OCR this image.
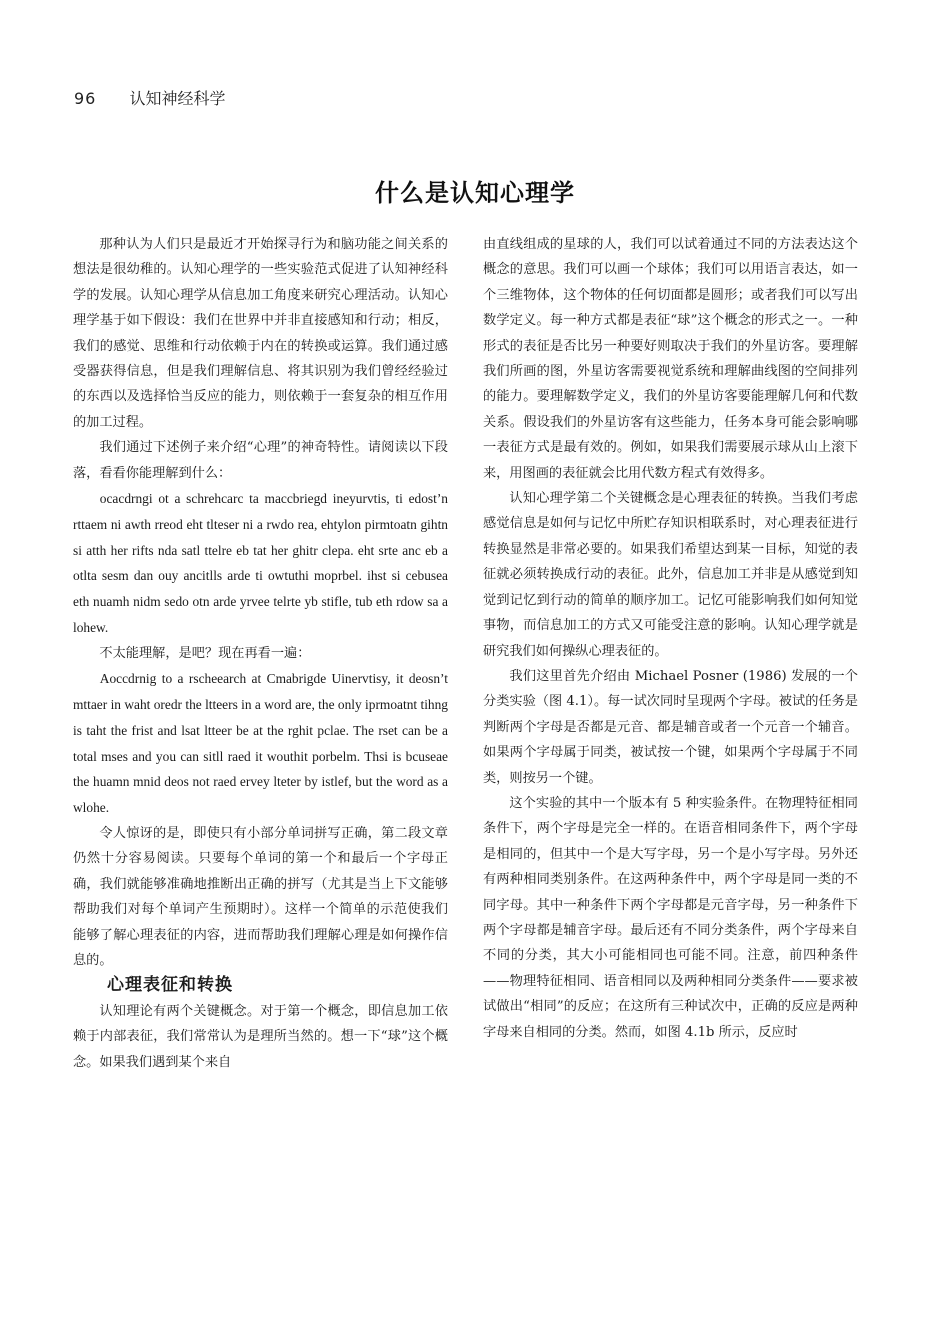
96 认知神经科学
什么是认知心理学

那种认为人们只是最近才开始探寻行为和脑功能之间关系的想法是很幼稚的。认知心理学的一些实验范式促进了认知神经科学的发展。认知心理学从信息加工角度来研究心理活动。认知心理学基于如下假设：我们在世界中并非直接感知和行动；相反，我们的感觉、思维和行动依赖于内在的转换或运算。我们通过感受器获得信息，但是我们理解信息、将其识别为我们曾经经验过的东西以及选择恰当反应的能力，则依赖于一套复杂的相互作用的加工过程。

我们通过下述例子来介绍“心理”的神奇特性。请阅读以下段落，看看你能理解到什么：

ocacdrngi ot a schrehcarc ta maccbriegd ineyurvtis, ti edost’n rttaem ni awth rreod eht tlteser ni a rwdo rea, ehtylon pirmtoatn gihtn si atth her rifts nda satl ttelre eb tat her ghitr clepa. eht srte anc eb a otlta sesm dan ouy ancitlls arde ti owtuthi moprbel. ihst si cebusea eth nuamh nidm sedo otn arde yrvee telrte yb stifle, tub eth rdow sa a lohew.

不太能理解，是吧？现在再看一遍：

Aoccdrnig to a rscheearch at Cmabrigde Uinervtisy, it deosn’t mttaer in waht oredr the ltteers in a word are, the only iprmoatnt tihng is taht the frist and lsat ltteer be at the rghit pclae. The rset can be a total mses and you can sitll raed it wouthit porbelm. Thsi is bcuseae the huamn mnid deos not raed ervey lteter by istlef, but the word as a wlohe.

令人惊讶的是，即使只有小部分单词拼写正确，第二段文章仍然十分容易阅读。只要每个单词的第一个和最后一个字母正确，我们就能够准确地推断出正确的拼写（尤其是当上下文能够帮助我们对每个单词产生预期时）。这样一个简单的示范使我们能够了解心理表征的内容，进而帮助我们理解心理是如何操作信息的。

心理表征和转换

认知理论有两个关键概念。对于第一个概念，即信息加工依赖于内部表征，我们常常认为是理所当然的。想一下“球”这个概念。如果我们遇到某个来自

由直线组成的星球的人，我们可以试着通过不同的方法表达这个概念的意思。我们可以画一个球体；我们可以用语言表达，如一个三维物体，这个物体的任何切面都是圆形；或者我们可以写出数学定义。每一种方式都是表征“球”这个概念的形式之一。一种形式的表征是否比另一种要好则取决于我们的外星访客。要理解我们所画的图，外星访客需要视觉系统和理解曲线图的空间排列的能力。要理解数学定义，我们的外星访客要能理解几何和代数关系。假设我们的外星访客有这些能力，任务本身可能会影响哪一表征方式是最有效的。例如，如果我们需要展示球从山上滚下来，用图画的表征就会比用代数方程式有效得多。

认知心理学第二个关键概念是心理表征的转换。当我们考虑感觉信息是如何与记忆中所贮存知识相联系时，对心理表征进行转换显然是非常必要的。如果我们希望达到某一目标，知觉的表征就必须转换成行动的表征。此外，信息加工并非是从感觉到知觉到记忆到行动的简单的顺序加工。记忆可能影响我们如何知觉事物，而信息加工的方式又可能受注意的影响。认知心理学就是研究我们如何操纵心理表征的。

我们这里首先介绍由 Michael Posner (1986) 发展的一个分类实验（图 4.1）。每一试次同时呈现两个字母。被试的任务是判断两个字母是否都是元音、都是辅音或者一个元音一个辅音。如果两个字母属于同类，被试按一个键，如果两个字母属于不同类，则按另一个键。

这个实验的其中一个版本有 5 种实验条件。在物理特征相同条件下，两个字母是完全一样的。在语音相同条件下，两个字母是相同的，但其中一个是大写字母，另一个是小写字母。另外还有两种相同类别条件。在这两种条件中，两个字母是同一类的不同字母。其中一种条件下两个字母都是元音字母，另一种条件下两个字母都是辅音字母。最后还有不同分类条件，两个字母来自不同的分类，其大小可能相同也可能不同。注意，前四种条件——物理特征相同、语音相同以及两种相同分类条件——要求被试做出“相同”的反应；在这所有三种试次中，正确的反应是两种字母来自相同的分类。然而，如图 4.1b 所示，反应时
